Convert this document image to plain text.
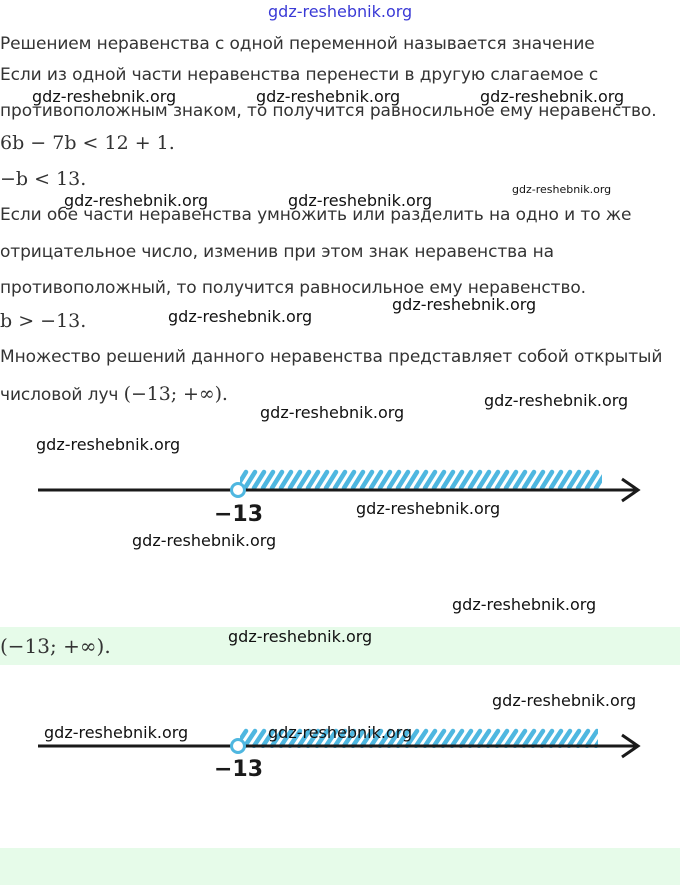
gdz-reshebnik.org
Решением неравенства с одной переменной называется значение
Если из одной части неравенства перенести в другую слагаемое с
противоположным знаком, то получится равносильное ему неравенство.
gdz-reshebnik.org	gdz-reshebnik.org	gdz-reshebnik.org
6b − 7b < 12 + 1.
−b < 13.
gdz-reshebnik.org	gdz-reshebnik.org
gdz-reshebnik.org
Если обе части неравенства умножить или разделить на одно и то же
отрицательное число, изменив при этом знак неравенства на
противоположный, то получится равносильное ему неравенство.
gdz-reshebnik.org
b > −13.	gdz-reshebnik.org
Множество решений данного неравенства представляет собой открытый
числовой луч (−13; +∞).	gdz-reshebnik.org
gdz-reshebnik.org
gdz-reshebnik.org
−13	gdz-reshebnik.org
gdz-reshebnik.org
gdz-reshebnik.org
(−13; +∞).	gdz-reshebnik.org
gdz-reshebnik.org
−13
gdz-reshebnik.org	gdz-reshebnik.org
